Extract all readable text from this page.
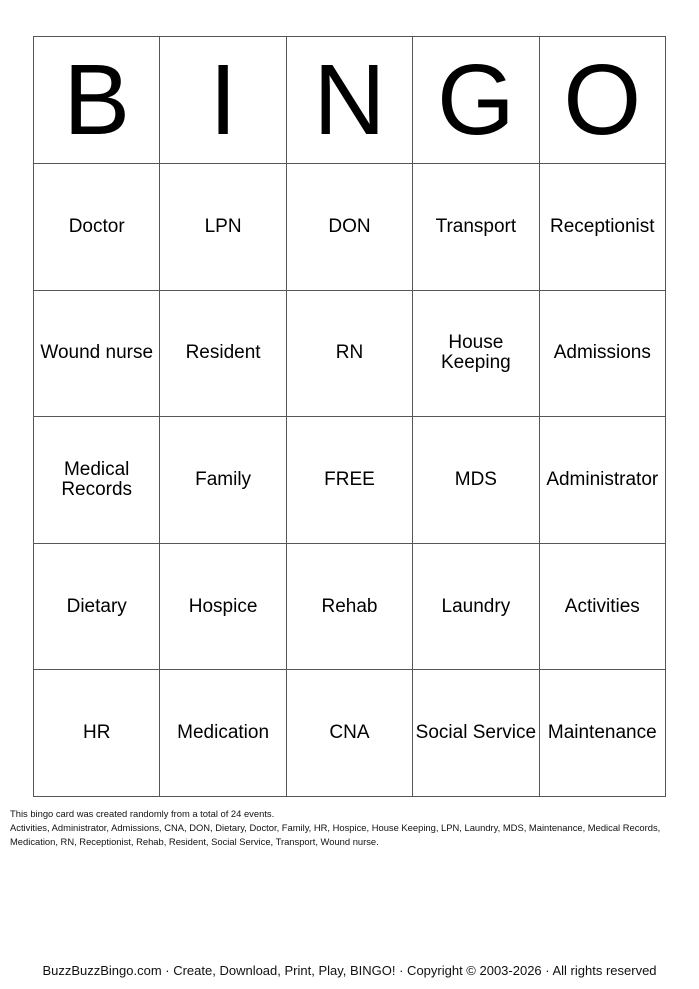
B	I	N	G	O
Doctor	LPN	DON	Transport	Receptionist
Wound nurse	Resident	RN	House Keeping	Admissions
Medical Records	Family	FREE	MDS	Administrator
Dietary	Hospice	Rehab	Laundry	Activities
HR	Medication	CNA	Social Service	Maintenance

This bingo card was created randomly from a total of 24 events.

Activities, Administrator, Admissions, CNA, DON, Dietary, Doctor, Family, HR, Hospice, House Keeping, LPN, Laundry, MDS, Maintenance, Medical Records, Medication, RN, Receptionist, Rehab, Resident, Social Service, Transport, Wound nurse.

BuzzBuzzBingo.com · Create, Download, Print, Play, BINGO! · Copyright © 2003-2026 · All rights reserved
